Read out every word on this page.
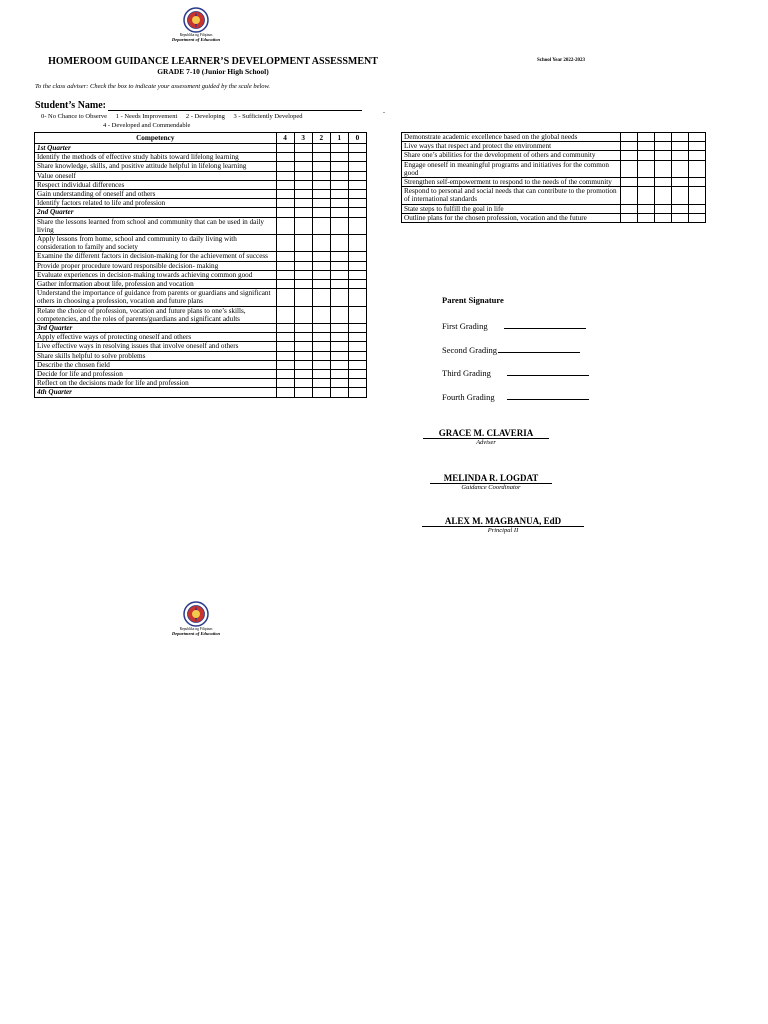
Republika ng Pilipinas
Department of Education
HOMEROOM GUIDANCE LEARNER’S DEVELOPMENT ASSESSMENT
GRADE 7-10 (Junior High School)
School Year 2022-2023
To the class adviser: Check the box to indicate your assessment guided by the scale below.
Student’s Name:	.
0- No Chance to Observe 1 - Needs Improvement 2 - Developing 3 - Sufficiently Developed
4 - Developed and Commendable
Competency	4	3	2	1	0
1st Quarter					
Identify the methods of effective study habits toward lifelong learning					
Share knowledge, skills, and positive attitude helpful in lifelong learning					
Value oneself					
Respect individual differences					
Gain understanding of oneself and others					
Identify factors related to life and profession					
2nd Quarter					
Share the lessons learned from school and community that can be used in daily living					
Apply lessons from home, school and community to daily living with consideration to family and society					
Examine the different factors in decision-making for the achievement of success					
Provide proper procedure toward responsible decision- making					
Evaluate experiences in decision-making towards achieving common good					
Gather information about life, profession and vocation					
Understand the importance of guidance from parents or guardians and significant others in choosing a profession, vocation and future plans					
Relate the choice of profession, vocation and future plans to one’s skills, competencies, and the roles of parents/guardians and significant adults					
3rd Quarter					
Apply effective ways of protecting oneself and others					
Live effective ways in resolving issues that involve oneself and others					
Share skills helpful to solve problems					
Describe the chosen field					
Decide for life and profession					
Reflect on the decisions made for life and profession					
4th Quarter					
Demonstrate academic excellence based on the global needs					
Live ways that respect and protect the environment					
Share one’s abilities for the development of others and community					
Engage oneself in meaningful programs and initiatives for the common good					
Strengthen self-empowerment to respond to the needs of the community					
Respond to personal and social needs that can contribute to the promotion of international standards					
State steps to fulfill the goal in life					
Outline plans for the chosen profession, vocation and the future					
Parent Signature
First Grading
Second Grading
Third Grading
Fourth Grading
GRACE M. CLAVERIA
Adviser
MELINDA R. LOGDAT
Guidance Coordinator
ALEX M. MAGBANUA, EdD
Principal II
Republika ng Pilipinas
Department of Education
